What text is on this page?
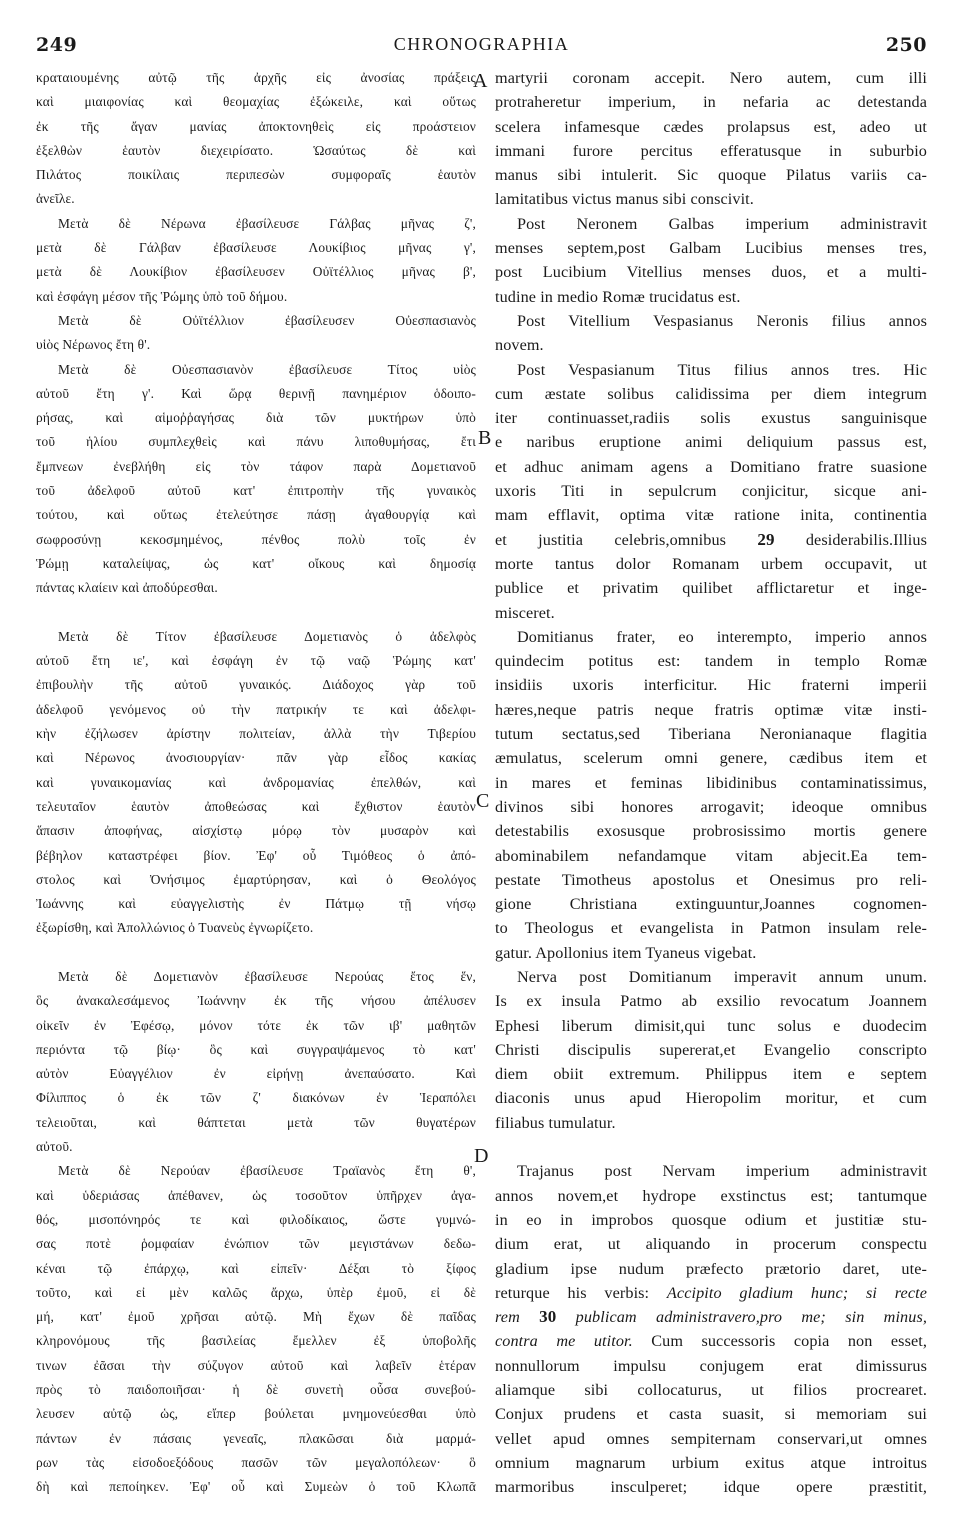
249	CHRONOGRAPHIA	250
A
B
C
D
κραταιουμένης αὐτῷ τῆς ἀρχῆς εἰς ἀνοσίας πράξεις
καὶ μιαιφονίας καὶ θεομαχίας ἐξώκειλε, καὶ οὕτως
ἐκ τῆς ἄγαν μανίας ἀποκτονηθεὶς εἰς προάστειον
ἐξελθὼν ἑαυτὸν διεχειρίσατο. Ὡσαύτως δὲ καὶ
Πιλάτος ποικίλαις περιπεσὼν συμφοραῖς ἑαυτὸν
ἀνεῖλε.
Μετὰ δὲ Νέρωνα ἐβασίλευσε Γάλβας μῆνας ζ',
μετὰ δὲ Γάλβαν ἐβασίλευσε Λουκίβιος μῆνας γ',
μετὰ δὲ Λουκίβιον ἐβασίλευσεν Οὐϊτέλλιος μῆνας β',
καὶ ἐσφάγη μέσον τῆς Ῥώμης ὑπὸ τοῦ δήμου.
Μετὰ δὲ Οὐϊτέλλιον ἐβασίλευσεν Οὐεσπασιανὸς
υἱὸς Νέρωνος ἔτη θ'.
Μετὰ δὲ Οὐεσπασιανὸν ἐβασίλευσε Τίτος υἱὸς
αὐτοῦ ἔτη γ'. Καὶ ὥρᾳ θερινῇ πανημέριον ὁδοιπο-
ρήσας, καὶ αἱμοῤῥαγήσας διὰ τῶν μυκτήρων ὑπὸ
τοῦ ἡλίου συμπλεχθεὶς καὶ πάνυ λιποθυμήσας, ἔτι
ἔμπνεων ἐνεβλήθη εἰς τὸν τάφον παρὰ Δομετιανοῦ
τοῦ ἀδελφοῦ αὐτοῦ κατ' ἐπιτροπὴν τῆς γυναικὸς
τούτου, καὶ οὕτως ἐτελεύτησε πάσῃ ἀγαθουργίᾳ καὶ
σωφροσύνῃ κεκοσμημένος, πένθος πολὺ τοῖς ἐν
Ῥώμῃ καταλείψας, ὡς κατ' οἴκους καὶ δημοσίᾳ
πάντας κλαίειν καὶ ἀποδύρεσθαι.
Μετὰ δὲ Τίτον ἐβασίλευσε Δομετιανὸς ὁ ἀδελφὸς
αὐτοῦ ἔτη ιε', καὶ ἐσφάγη ἐν τῷ ναῷ Ῥώμης κατ'
ἐπιβουλὴν τῆς αὐτοῦ γυναικός. Διάδοχος γὰρ τοῦ
ἀδελφοῦ γενόμενος οὐ τὴν πατρικήν τε καὶ ἀδελφι-
κὴν ἐζήλωσεν ἀρίστην πολιτείαν, ἀλλὰ τὴν Τιβερίου
καὶ Νέρωνος ἀνοσιουργίαν· πᾶν γὰρ εἶδος κακίας
καὶ γυναικομανίας καὶ ἀνδρομανίας ἐπελθών, καὶ
τελευταῖον ἑαυτὸν ἀποθεώσας καὶ ἔχθιστον ἑαυτὸν
ἅπασιν ἀποφήνας, αἰσχίστῳ μόρῳ τὸν μυσαρὸν καὶ
βέβηλον καταστρέφει βίον. Ἐφ' οὗ Τιμόθεος ὁ ἀπό-
στολος καὶ Ὀνήσιμος ἐμαρτύρησαν, καὶ ὁ Θεολόγος
Ἰωάννης καὶ εὐαγγελιστὴς ἐν Πάτμῳ τῇ νήσῳ
ἐξωρίσθη, καὶ Ἀπολλώνιος ὁ Τυανεὺς ἐγνωρίζετο.
Μετὰ δὲ Δομετιανὸν ἐβασίλευσε Νερούας ἔτος ἕν,
ὃς ἀνακαλεσάμενος Ἰωάννην ἐκ τῆς νήσου ἀπέλυσεν
οἰκεῖν ἐν Ἐφέσῳ, μόνον τότε ἐκ τῶν ιβ' μαθητῶν
περιόντα τῷ βίῳ· ὃς καὶ συγγραψάμενος τὸ κατ'
αὐτὸν Εὐαγγέλιον ἐν εἰρήνῃ ἀνεπαύσατο. Καὶ
Φίλιππος ὁ ἐκ τῶν ζ' διακόνων ἐν Ἱεραπόλει
τελειοῦται, καὶ θάπτεται μετὰ τῶν θυγατέρων
αὐτοῦ.
Μετὰ δὲ Νερούαν ἐβασίλευσε Τραϊανὸς ἔτη θ',
καὶ ὑδεριάσας ἀπέθανεν, ὡς τοσοῦτον ὑπῆρχεν ἀγα-
θός, μισοπόνηρός τε καὶ φιλοδίκαιος, ὥστε γυμνώ-
σας ποτὲ ῥομφαίαν ἐνώπιον τῶν μεγιστάνων δεδω-
κέναι τῷ ἐπάρχῳ, καὶ εἰπεῖν· Δέξαι τὸ ξίφος
τοῦτο, καὶ εἰ μὲν καλῶς ἄρχω, ὑπὲρ ἐμοῦ, εἰ δὲ
μή, κατ' ἐμοῦ χρῆσαι αὐτῷ. Μὴ ἔχων δὲ παῖδας
κληρονόμους τῆς βασιλείας ἔμελλεν ἐξ ὑποβολῆς
τινων ἐᾶσαι τὴν σύζυγον αὐτοῦ καὶ λαβεῖν ἑτέραν
πρὸς τὸ παιδοποιῆσαι· ἡ δὲ συνετὴ οὖσα συνεβού-
λευσεν αὐτῷ ὡς, εἴπερ βούλεται μνημονεύεσθαι ὑπὸ
πάντων ἐν πάσαις γενεαῖς, πλακῶσαι διὰ μαρμά-
ρων τὰς εἰσοδοεξόδους πασῶν τῶν μεγαλοπόλεων· ὃ
δὴ καὶ πεποίηκεν. Ἐφ' οὗ καὶ Συμεὼν ὁ τοῦ Κλωπᾶ
martyrii coronam accepit. Nero autem, cum illi
protraheretur imperium, in nefaria ac detestanda
scelera infamesque cædes prolapsus est, adeo ut
immani furore percitus efferatusque in suburbio
manus sibi intulerit. Sic quoque Pilatus variis ca-
lamitatibus victus manus sibi conscivit.
Post Neronem Galbas imperium administravit
menses septem,post Galbam Lucibius menses tres,
post Lucibium Vitellius menses duos, et a multi-
tudine in medio Romæ trucidatus est.
Post Vitellium Vespasianus Neronis filius annos
novem.
Post Vespasianum Titus filius annos tres. Hic
cum æstate solibus calidissima per diem integrum
iter continuasset,radiis solis exustus sanguinisque
e naribus eruptione animi deliquium passus est,
et adhuc animam agens a Domitiano fratre suasione
uxoris Titi in sepulcrum conjicitur, sicque ani-
mam efflavit, optima vitæ ratione inita, continentia
et justitia celebris,omnibus 29 desiderabilis.Illius
morte tantus dolor Romanam urbem occupavit, ut
publice et privatim quilibet afflictaretur et inge-
misceret.
Domitianus frater, eo interempto, imperio annos
quindecim potitus est: tandem in templo Romæ
insidiis uxoris interficitur. Hic fraterni imperii
hæres,neque patris neque fratris optimæ vitæ insti-
tutum sectatus,sed Tiberiana Neronianaque flagitia
æmulatus, scelerum omni genere, cædibus item et
in mares et feminas libidinibus contaminatissimus,
divinos sibi honores arrogavit; ideoque omnibus
detestabilis exosusque probrosissimo mortis genere
abominabilem nefandamque vitam abjecit.Ea tem-
pestate Timotheus apostolus et Onesimus pro reli-
gione Christiana extinguuntur,Joannes cognomen-
to Theologus et evangelista in Patmon insulam rele-
gatur. Apollonius item Tyaneus vigebat.
Nerva post Domitianum imperavit annum unum.
Is ex insula Patmo ab exsilio revocatum Joannem
Ephesi liberum dimisit,qui tunc solus e duodecim
Christi discipulis supererat,et Evangelio conscripto
diem obiit extremum. Philippus item e septem
diaconis unus apud Hieropolim moritur, et cum
filiabus tumulatur.
Trajanus post Nervam imperium administravit
annos novem,et hydrope exstinctus est; tantumque
in eo in improbos quosque odium et justitiæ stu-
dium erat, ut aliquando in procerum conspectu
gladium ipse nudum præfecto prætorio daret, ute-
returque his verbis: Accipito gladium hunc; si recte
rem 30 publicam administravero,pro me; sin minus,
contra me utitor. Cum successoris copia non esset,
nonnullorum impulsu conjugem erat dimissurus
aliamque sibi collocaturus, ut filios procrearet.
Conjux prudens et casta suasit, si memoriam sui
vellet apud omnes sempiternam conservari,ut omnes
omnium magnarum urbium exitus atque introitus
marmoribus insculperet; idque opere præstitit,
